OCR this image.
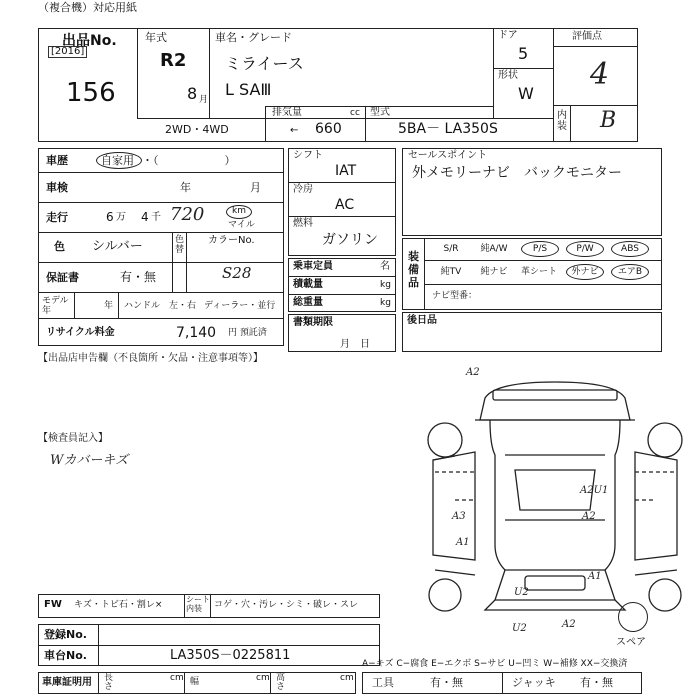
（複合機）対応用紙
出品No.
[2016]
156
年式
R2
8 月
車名・グレード
ミライース
L SAⅢ
ドア
5
形状
W
評価点
4
内装 B
2WD・4WD
排気量	cc
← 660
型式
5BA－ LA350S
車歴	自家用 ・（　　　　　　）
車検	年	月
走行	6 万 4 千 720	km
マイル
色 シルバー	色替
カラーNo.
S28
保証書	有・無
モデル年	年 ハンドル　左・右 ディーラー・並行
リサイクル料金	7,140 円 預託済
シフト
IAT
冷房
AC
燃料
ガソリン
乗車定員	名
積載量	kg
総重量	kg
書類期限
月　日
セールスポイント
外メモリーナビ　バックモニター
装備品
S/R	純A/W	P/S	P/W	ABS
純TV	純ナビ	革シート	外ナビ	エアB
ナビ型番：
後日品
【出品店申告欄（不良箇所・欠品・注意事項等）】
【検査員記入】
Wカバーキズ
A2
A2U1
A2
A3
A1
A1
U2
U2	A2
スペア
FW キズ・トビ石・割レ×
シート内装	コゲ・穴・汚レ・シミ・破レ・スレ
登録No.
車台No.	LA350S－0225811
車庫証明用 長さ
cm 幅	cm 高さ
cm
A−キズ C−腐食 E−エクボ S−サビ U−凹ミ W−補修 XX−交換済
工具	有・無	ジャッキ 有・無
